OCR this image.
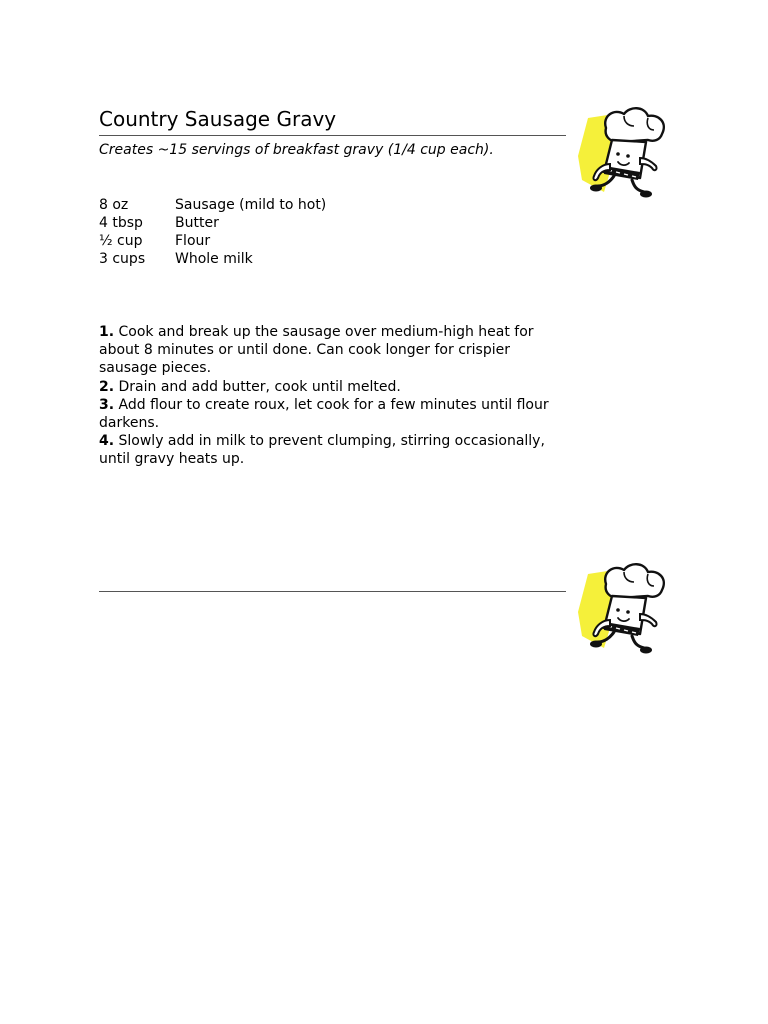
Country Sausage Gravy

Creates ~15 servings of breakfast gravy (1/4 cup each).

8 oz	Sausage (mild to hot)
4 tbsp	Butter
½ cup	Flour
3 cups	Whole milk

1. Cook and break up the sausage over medium-high heat for about 8 minutes or until done. Can cook longer for crispier sausage pieces.

2. Drain and add butter, cook until melted.

3. Add flour to create roux, let cook for a few minutes until flour darkens.

4. Slowly add in milk to prevent clumping, stirring occasionally, until gravy heats up.
